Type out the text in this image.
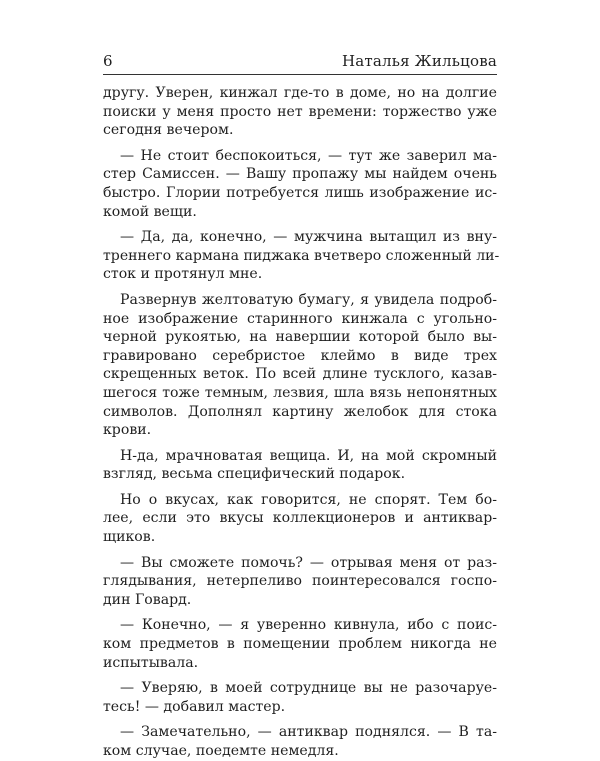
6	Наталья Жильцова
другу. Уверен, кинжал где-то в доме, но на долгие
поиски у меня просто нет времени: торжество уже
сегодня вечером.
— Не стоит беспокоиться, — тут же заверил ма-
стер Самиссен. — Вашу пропажу мы найдем очень
быстро. Глории потребуется лишь изображение ис-
комой вещи.
— Да, да, конечно, — мужчина вытащил из вну-
треннего кармана пиджака вчетверо сложенный ли-
сток и протянул мне.
Развернув желтоватую бумагу, я увидела подроб-
ное изображение старинного кинжала с угольно-
черной рукоятью, на навершии которой было вы-
гравировано серебристое клеймо в виде трех
скрещенных веток. По всей длине тусклого, казав-
шегося тоже темным, лезвия, шла вязь непонятных
символов. Дополнял картину желобок для стока
крови.
Н-да, мрачноватая вещица. И, на мой скромный
взгляд, весьма специфический подарок.
Но о вкусах, как говорится, не спорят. Тем бо-
лее, если это вкусы коллекционеров и антиквар-
щиков.
— Вы сможете помочь? — отрывая меня от раз-
глядывания, нетерпеливо поинтересовался госпо-
дин Говард.
— Конечно, — я уверенно кивнула, ибо с поис-
ком предметов в помещении проблем никогда не
испытывала.
— Уверяю, в моей сотруднице вы не разочаруе-
тесь! — добавил мастер.
— Замечательно, — антиквар поднялся. — В та-
ком случае, поедемте немедля.
